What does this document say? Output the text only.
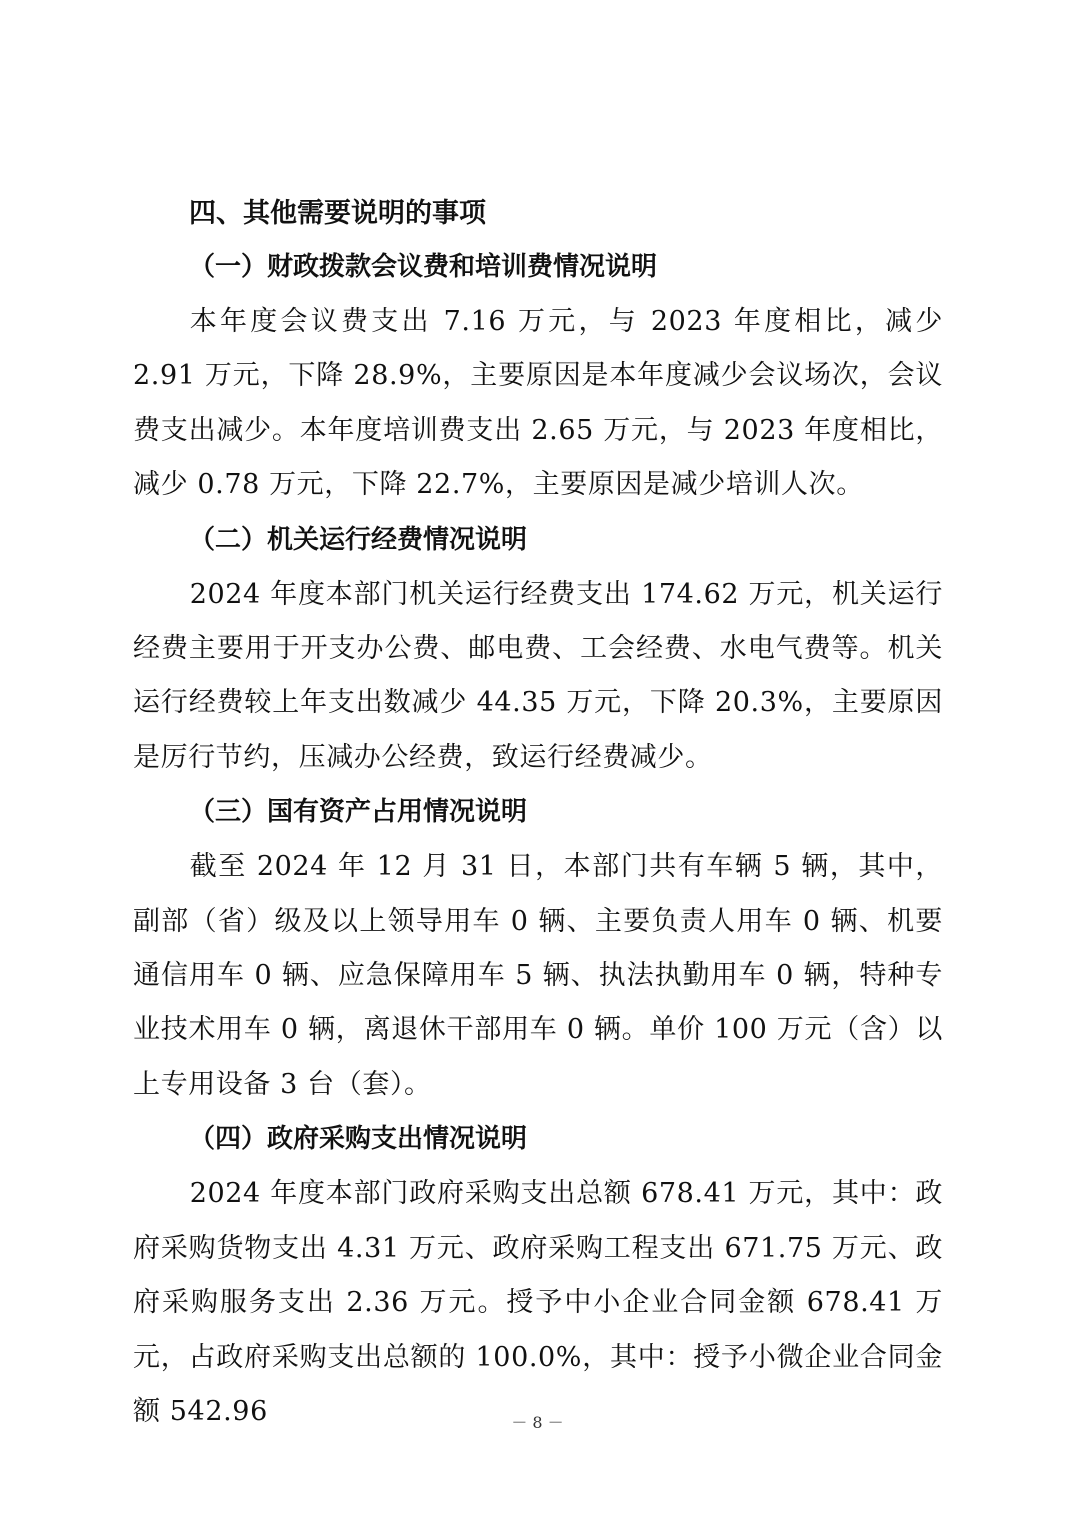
四、其他需要说明的事项
（一）财政拨款会议费和培训费情况说明

本年度会议费支出 7.16 万元，与 2023 年度相比，减少 2.91 万元，下降 28.9%，主要原因是本年度减少会议场次，会议费支出减少。本年度培训费支出 2.65 万元，与 2023 年度相比，减少 0.78 万元，下降 22.7%，主要原因是减少培训人次。

（二）机关运行经费情况说明

2024 年度本部门机关运行经费支出 174.62 万元，机关运行经费主要用于开支办公费、邮电费、工会经费、水电气费等。机关运行经费较上年支出数减少 44.35 万元，下降 20.3%，主要原因是厉行节约，压减办公经费，致运行经费减少。

（三）国有资产占用情况说明

截至 2024 年 12 月 31 日，本部门共有车辆 5 辆，其中，副部（省）级及以上领导用车 0 辆、主要负责人用车 0 辆、机要通信用车 0 辆、应急保障用车 5 辆、执法执勤用车 0 辆，特种专业技术用车 0 辆，离退休干部用车 0 辆。单价 100 万元（含）以上专用设备 3 台（套）。

（四）政府采购支出情况说明

2024 年度本部门政府采购支出总额 678.41 万元，其中：政府采购货物支出 4.31 万元、政府采购工程支出 671.75 万元、政府采购服务支出 2.36 万元。授予中小企业合同金额 678.41 万元，占政府采购支出总额的 100.0%，其中：授予小微企业合同金额 542.96	－ 8 －
